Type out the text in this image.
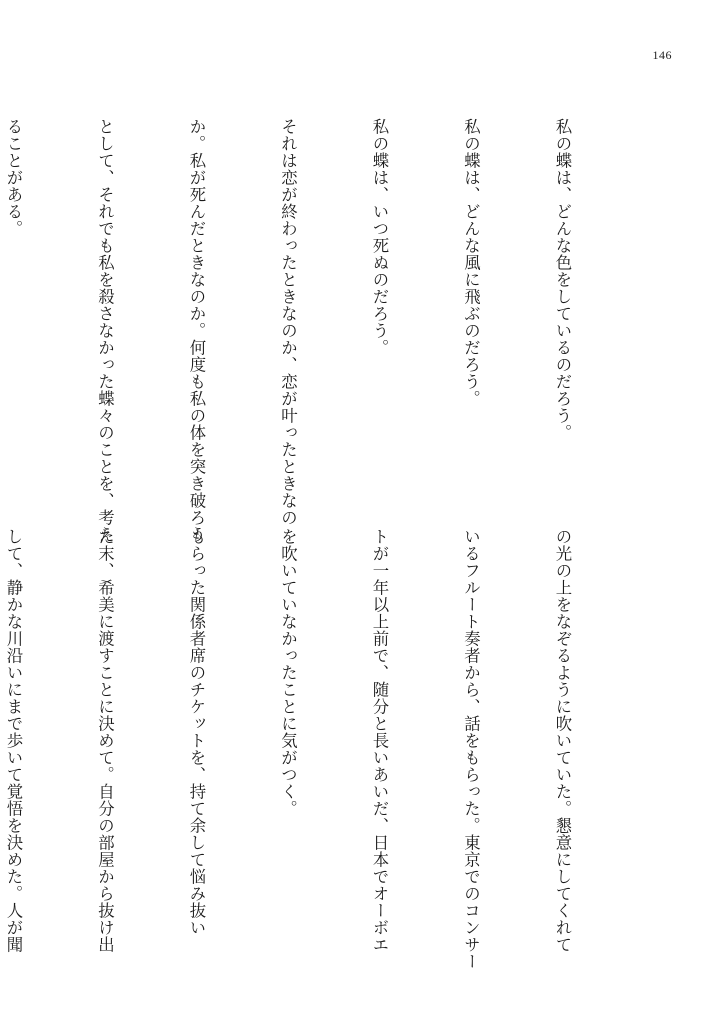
146

私の蝶は、どんな色をしているのだろう。

私の蝶は、どんな風に飛ぶのだろう。

私の蝶は、いつ死ぬのだろう。

それは恋が終わったときなのか、恋が叶ったときなの

か。私が死んだときなのか。何度も私の体を突き破ろう

として、それでも私を殺さなかった蝶々のことを、考え

ることがある。

の光の上をなぞるように吹いていた。懇意にしてくれて

いるフルート奏者から、話をもらった。東京でのコンサー

トが一年以上前で、随分と長いあいだ、日本でオーボエ

を吹いていなかったことに気がつく。

もらった関係者席のチケットを、持て余して悩み抜い

た末、希美に渡すことに決めて。自分の部屋から抜け出

して、静かな川沿いにまで歩いて覚悟を決めた。人が聞
